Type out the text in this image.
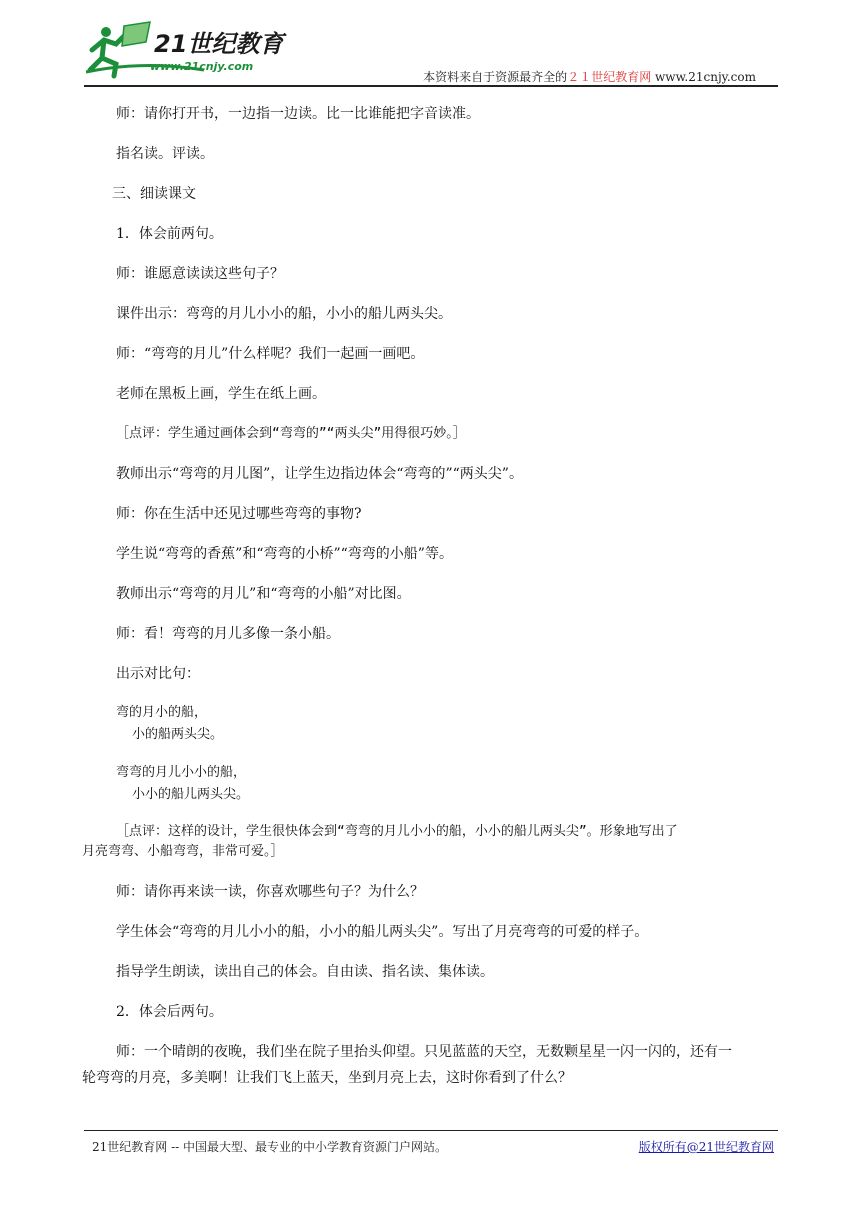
21世纪教育
www.21cnjy.com
本资料来自于资源最齐全的２１世纪教育网 www.21cnjy.com

师：请你打开书，一边指一边读。比一比谁能把字音读准。

指名读。评读。

三、细读课文

1．体会前两句。

师：谁愿意读读这些句子？

课件出示：弯弯的月儿小小的船，小小的船儿两头尖。

师：“弯弯的月儿”什么样呢？我们一起画一画吧。

老师在黑板上画，学生在纸上画。

［点评：学生通过画体会到“弯弯的”“两头尖”用得很巧妙。］

教师出示“弯弯的月儿图”，让学生边指边体会“弯弯的”“两头尖”。

师：你在生活中还见过哪些弯弯的事物?

学生说“弯弯的香蕉”和“弯弯的小桥”“弯弯的小船”等。

教师出示“弯弯的月儿”和“弯弯的小船”对比图。

师：看！弯弯的月儿多像一条小船。

出示对比句：

弯的月小的船，

小的船两头尖。

弯弯的月儿小小的船，

小小的船儿两头尖。

［点评：这样的设计，学生很快体会到“弯弯的月儿小小的船，小小的船儿两头尖”。形象地写出了

月亮弯弯、小船弯弯，非常可爱。］

师：请你再来读一读，你喜欢哪些句子？为什么？

学生体会“弯弯的月儿小小的船，小小的船儿两头尖”。写出了月亮弯弯的可爱的样子。

指导学生朗读，读出自己的体会。自由读、指名读、集体读。

2．体会后两句。

师：一个晴朗的夜晚，我们坐在院子里抬头仰望。只见蓝蓝的天空，无数颗星星一闪一闪的，还有一

轮弯弯的月亮，多美啊！让我们飞上蓝天，坐到月亮上去，这时你看到了什么？

21世纪教育网 -- 中国最大型、最专业的中小学教育资源门户网站。	版权所有@21世纪教育网
